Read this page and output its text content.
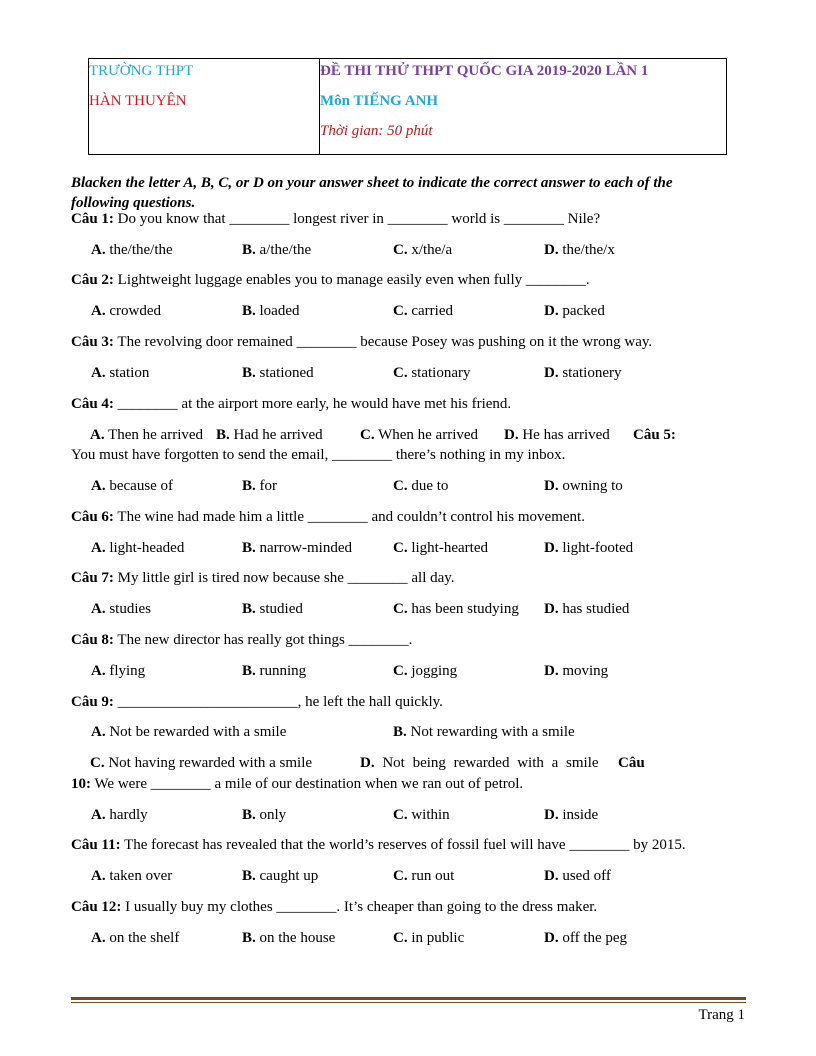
TRƯỜNG THPT
HÀN THUYÊN
ĐỀ THI THỬ THPT QUỐC GIA 2019-2020 LẦN 1
Môn TIẾNG ANH
Thời gian: 50 phút
Blacken the letter A, B, C, or D on your answer sheet to indicate the correct answer to each of the following questions.
Câu 1: Do you know that ________ longest river in ________ world is ________ Nile?
A. the/the/the	B. a/the/the	C. x/the/a	D. the/the/x
Câu 2: Lightweight luggage enables you to manage easily even when fully ________.
A. crowded	B. loaded	C. carried	D. packed
Câu 3: The revolving door remained ________ because Posey was pushing on it the wrong way.
A. station	B. stationed	C. stationary	D. stationery
Câu 4: ________ at the airport more early, he would have met his friend.
A. Then he arrived B. Had he arrived C. When he arrived D. He has arrived Câu 5:
You must have forgotten to send the email, ________ there’s nothing in my inbox.
A. because of	B. for	C. due to	D. owning to
Câu 6: The wine had made him a little ________ and couldn’t control his movement.
A. light-headed	B. narrow-minded	C. light-hearted	D. light-footed
Câu 7: My little girl is tired now because she ________ all day.
A. studies	B. studied	C. has been studying D. has studied
Câu 8: The new director has really got things ________.
A. flying	B. running	C. jogging	D. moving
Câu 9: ________________________, he left the hall quickly.
A. Not be rewarded with a smile	B. Not rewarding with a smile
C. Not having rewarded with a smile	D. Not being rewarded with a smile Câu
10: We were ________ a mile of our destination when we ran out of petrol.
A. hardly	B. only	C. within	D. inside
Câu 11: The forecast has revealed that the world’s reserves of fossil fuel will have ________ by 2015.
A. taken over	B. caught up	C. run out	D. used off
Câu 12: I usually buy my clothes ________. It’s cheaper than going to the dress maker.
A. on the shelf	B. on the house	C. in public	D. off the peg
Trang 1
